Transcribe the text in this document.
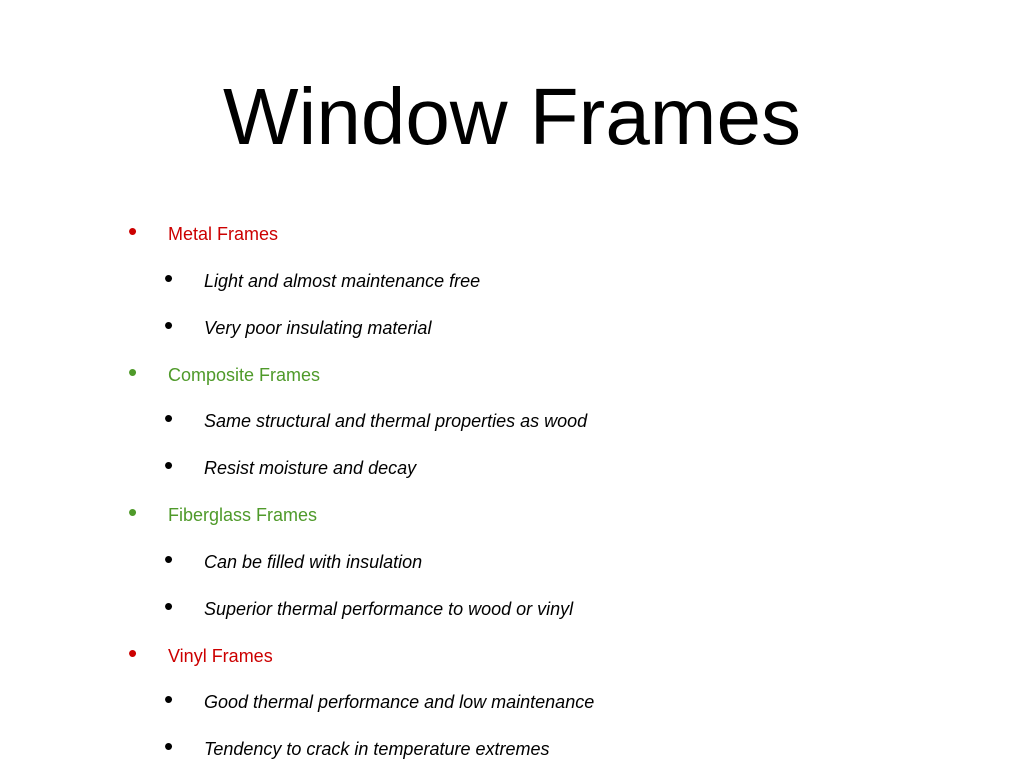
Window Frames
• Metal Frames
• Light and almost maintenance free
• Very poor insulating material
• Composite Frames
• Same structural and thermal properties as wood
• Resist moisture and decay
• Fiberglass Frames
• Can be filled with insulation
• Superior thermal performance to wood or vinyl
• Vinyl Frames
• Good thermal performance and low maintenance
• Tendency to crack in temperature extremes
